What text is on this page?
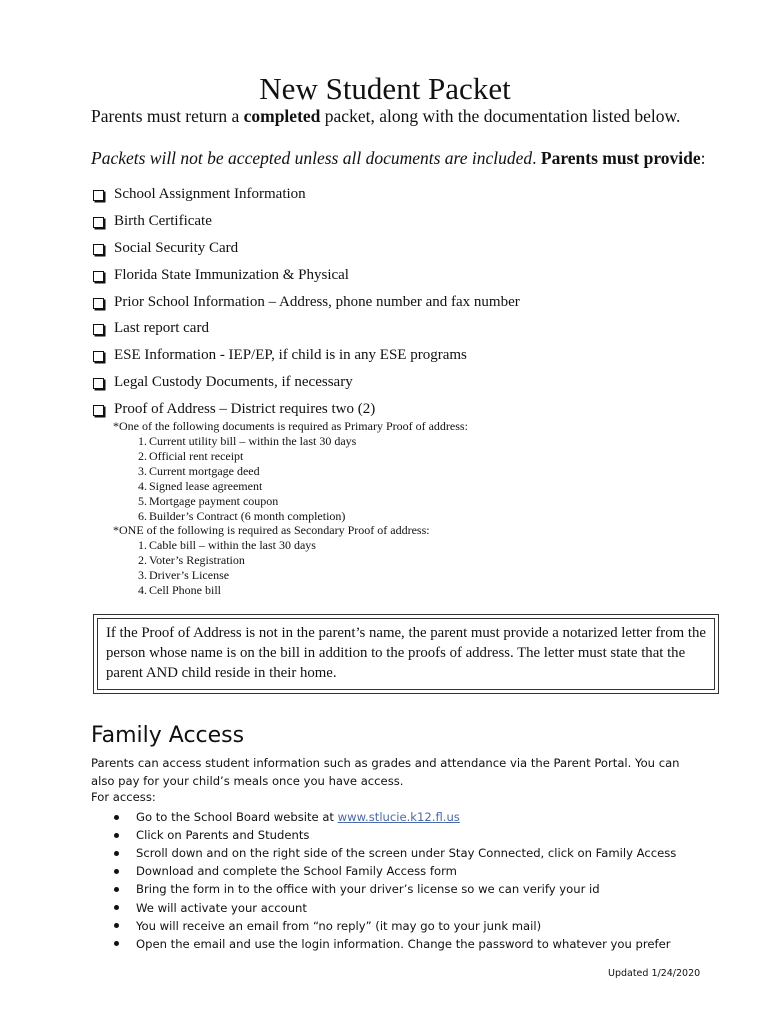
New Student Packet
Parents must return a completed packet, along with the documentation listed below.
Packets will not be accepted unless all documents are included. Parents must provide:
School Assignment Information
Birth Certificate
Social Security Card
Florida State Immunization & Physical
Prior School Information – Address, phone number and fax number
Last report card
ESE Information - IEP/EP, if child is in any ESE programs
Legal Custody Documents, if necessary
Proof of Address – District requires two (2)
*One of the following documents is required as Primary Proof of address:
1. Current utility bill – within the last 30 days
2. Official rent receipt
3. Current mortgage deed
4. Signed lease agreement
5. Mortgage payment coupon
6. Builder’s Contract (6 month completion)
*ONE of the following is required as Secondary Proof of address:
1. Cable bill – within the last 30 days
2. Voter’s Registration
3. Driver’s License
4. Cell Phone bill
If the Proof of Address is not in the parent’s name, the parent must provide a notarized letter from the person whose name is on the bill in addition to the proofs of address. The letter must state that the parent AND child reside in their home.
Family Access
Parents can access student information such as grades and attendance via the Parent Portal. You can also pay for your child’s meals once you have access.
For access:
Go to the School Board website at
www.stlucie.k12.fl.us
Click on Parents and Students
Scroll down and on the right side of the screen under Stay Connected, click on Family Access
Download and complete the School Family Access form
Bring the form in to the office with your driver’s license so we can verify your id
We will activate your account
You will receive an email from “no reply” (it may go to your junk mail)
Open the email and use the login information. Change the password to whatever you prefer
Updated 1/24/2020
